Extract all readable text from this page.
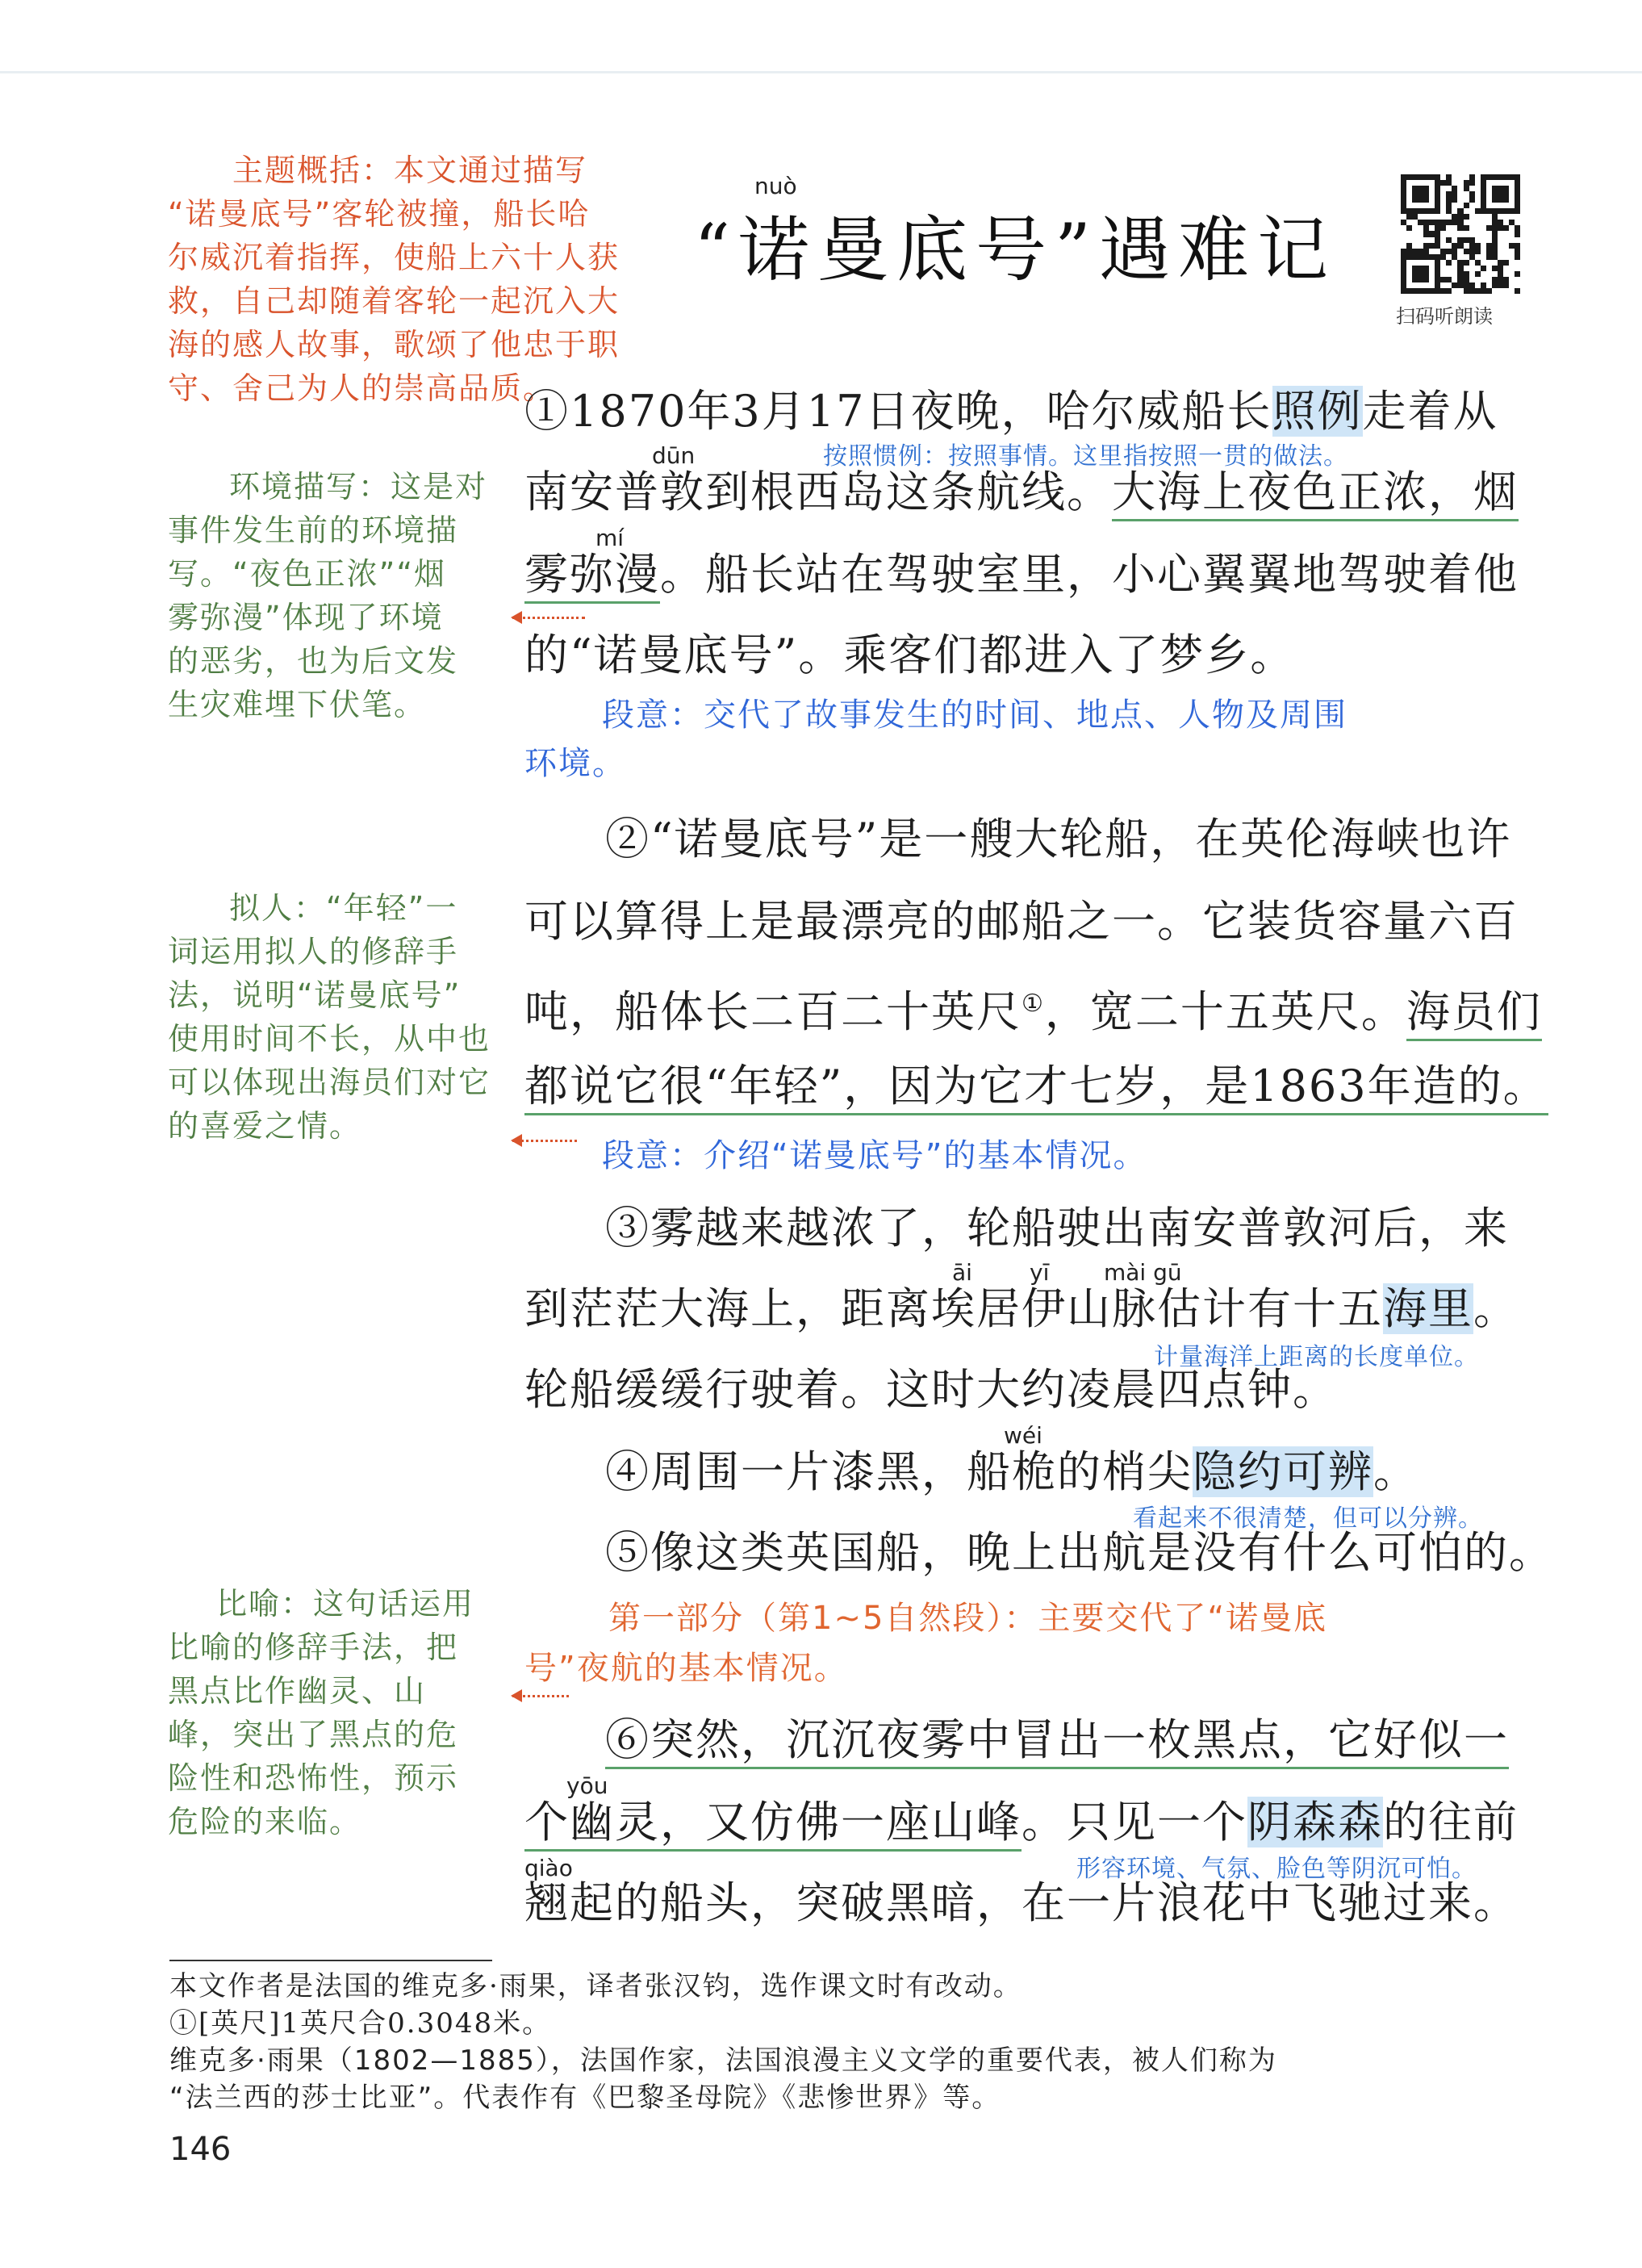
主题概括：本文通过描写
“诺曼底号”客轮被撞，船长哈
尔威沉着指挥，使船上六十人获
救，自己却随着客轮一起沉入大
海的感人故事，歌颂了他忠于职
守、舍己为人的崇高品质。
环境描写：这是对
事件发生前的环境描
写。“夜色正浓”“烟
雾弥漫”体现了环境
的恶劣，也为后文发
生灾难埋下伏笔。
拟人：“年轻”一
词运用拟人的修辞手
法，说明“诺曼底号”
使用时间不长，从中也
可以体现出海员们对它
的喜爱之情。
比喻：这句话运用
比喻的修辞手法，把
黑点比作幽灵、山
峰，突出了黑点的危
险性和恐怖性，预示
危险的来临。
nuò
“诺曼底号”遇难记
扫码听朗读
①1870年3月17日夜晚，哈尔威船长照例走着从
按照惯例：按照事情。这里指按照一贯的做法。
dūn
南安普敦到根西岛这条航线。大海上夜色正浓，烟
mí
雾弥漫。船长站在驾驶室里，小心翼翼地驾驶着他
的“诺曼底号”。乘客们都进入了梦乡。
段意：交代了故事发生的时间、地点、人物及周围
环境。
②“诺曼底号”是一艘大轮船，在英伦海峡也许
可以算得上是最漂亮的邮船之一。它装货容量六百
吨，船体长二百二十英尺①，宽二十五英尺。海员们
都说它很“年轻”，因为它才七岁，是1863年造的。
段意：介绍“诺曼底号”的基本情况。
③雾越来越浓了，轮船驶出南安普敦河后，来
āi	yī mài gū
到茫茫大海上，距离埃居伊山脉估计有十五海里。
计量海洋上距离的长度单位。
轮船缓缓行驶着。这时大约凌晨四点钟。
wéi
④周围一片漆黑，船桅的梢尖隐约可辨。
看起来不很清楚，但可以分辨。
⑤像这类英国船，晚上出航是没有什么可怕的。
第一部分（第1~5自然段）：主要交代了“诺曼底
号”夜航的基本情况。
⑥突然，沉沉夜雾中冒出一枚黑点，它好似一
yōu
个幽灵，又仿佛一座山峰。只见一个阴森森的往前
形容环境、气氛、脸色等阴沉可怕。
qiào
翘起的船头，突破黑暗，在一片浪花中飞驰过来。
本文作者是法国的维克多·雨果，译者张汉钧，选作课文时有改动。
①[英尺]1英尺合0.3048米。
维克多·雨果（1802—1885），法国作家，法国浪漫主义文学的重要代表，被人们称为
“法兰西的莎士比亚”。代表作有《巴黎圣母院》《悲惨世界》等。
146
